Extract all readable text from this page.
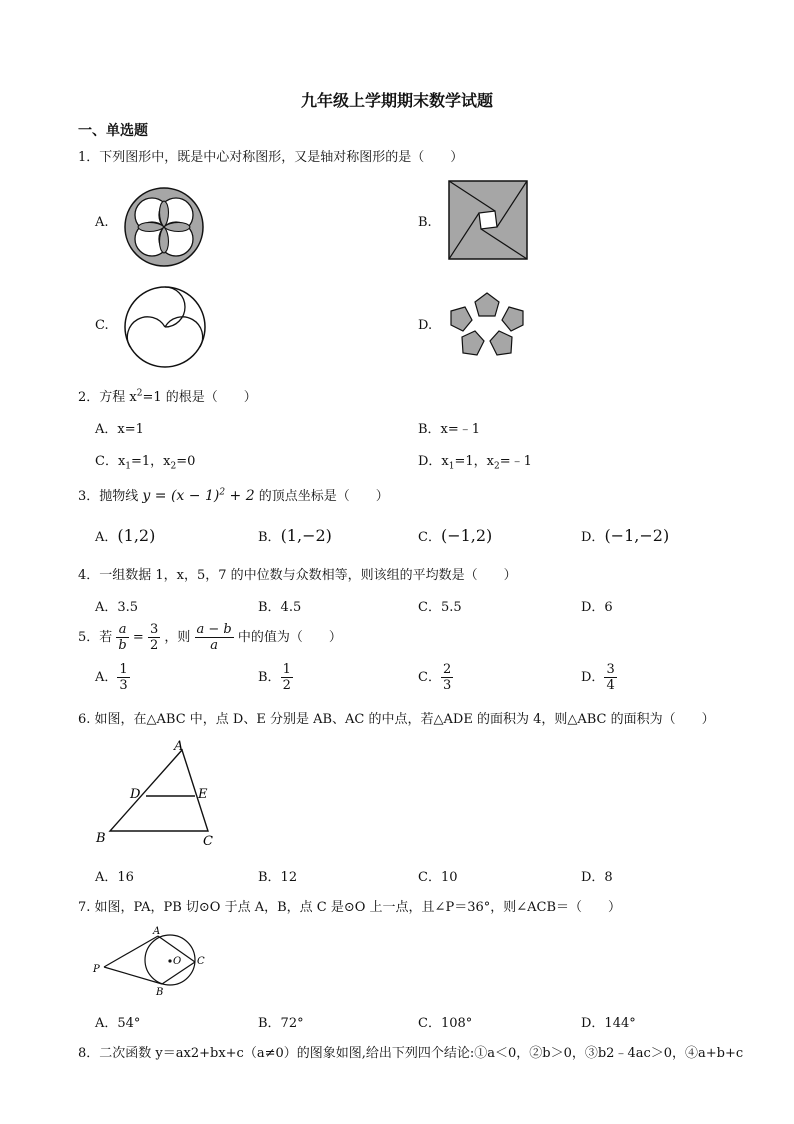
九年级上学期期末数学试题
一、单选题
1．下列图形中，既是中心对称图形，又是轴对称图形的是（　　）
A.	B.
C.	D.
2．方程 $x^2=1$ 的根是（　　）
A．x=1	B．x=﹣1
C．$x_1=1$，$x_2=0$	D．$x_1=1$，$x_2=﹣1$
3．抛物线 $y = (x - 1)^2 + 2$ 的顶点坐标是（　　）
A．(1,2)	B．(1,−2)	C．(−1,2)	D．(−1,−2)
4．一组数据 1，x，5，7 的中位数与众数相等，则该组的平均数是（　　）
A．3.5	B．4.5	C．5.5	D．6
5．若 $\frac{a}{b} = \frac{3}{2}$ ，则 $\frac{a - b}{a}$ 中的值为（　　）
A． $\frac{1}{3}$	B． $\frac{1}{2}$	C． $\frac{2}{3}$	D． $\frac{3}{4}$
6. 如图，在△ABC 中，点 D、E 分别是 AB、AC 的中点，若△ADE 的面积为 4，则△ABC 的面积为（　　）
A
D	E
B	C
A．16	B．12	C．10	D．8
7. 如图，PA，PB 切⊙O 于点 A，B，点 C 是⊙O 上一点，且∠P＝36°，则∠ACB＝（　　）
P
A
B
O C
A．54°	B．72°	C．108°	D．144°
8．二次函数 y＝ax2+bx+c（a≠0）的图象如图,给出下列四个结论:①a＜0，②b＞0，③b2﹣4ac＞0，④a+b+c
